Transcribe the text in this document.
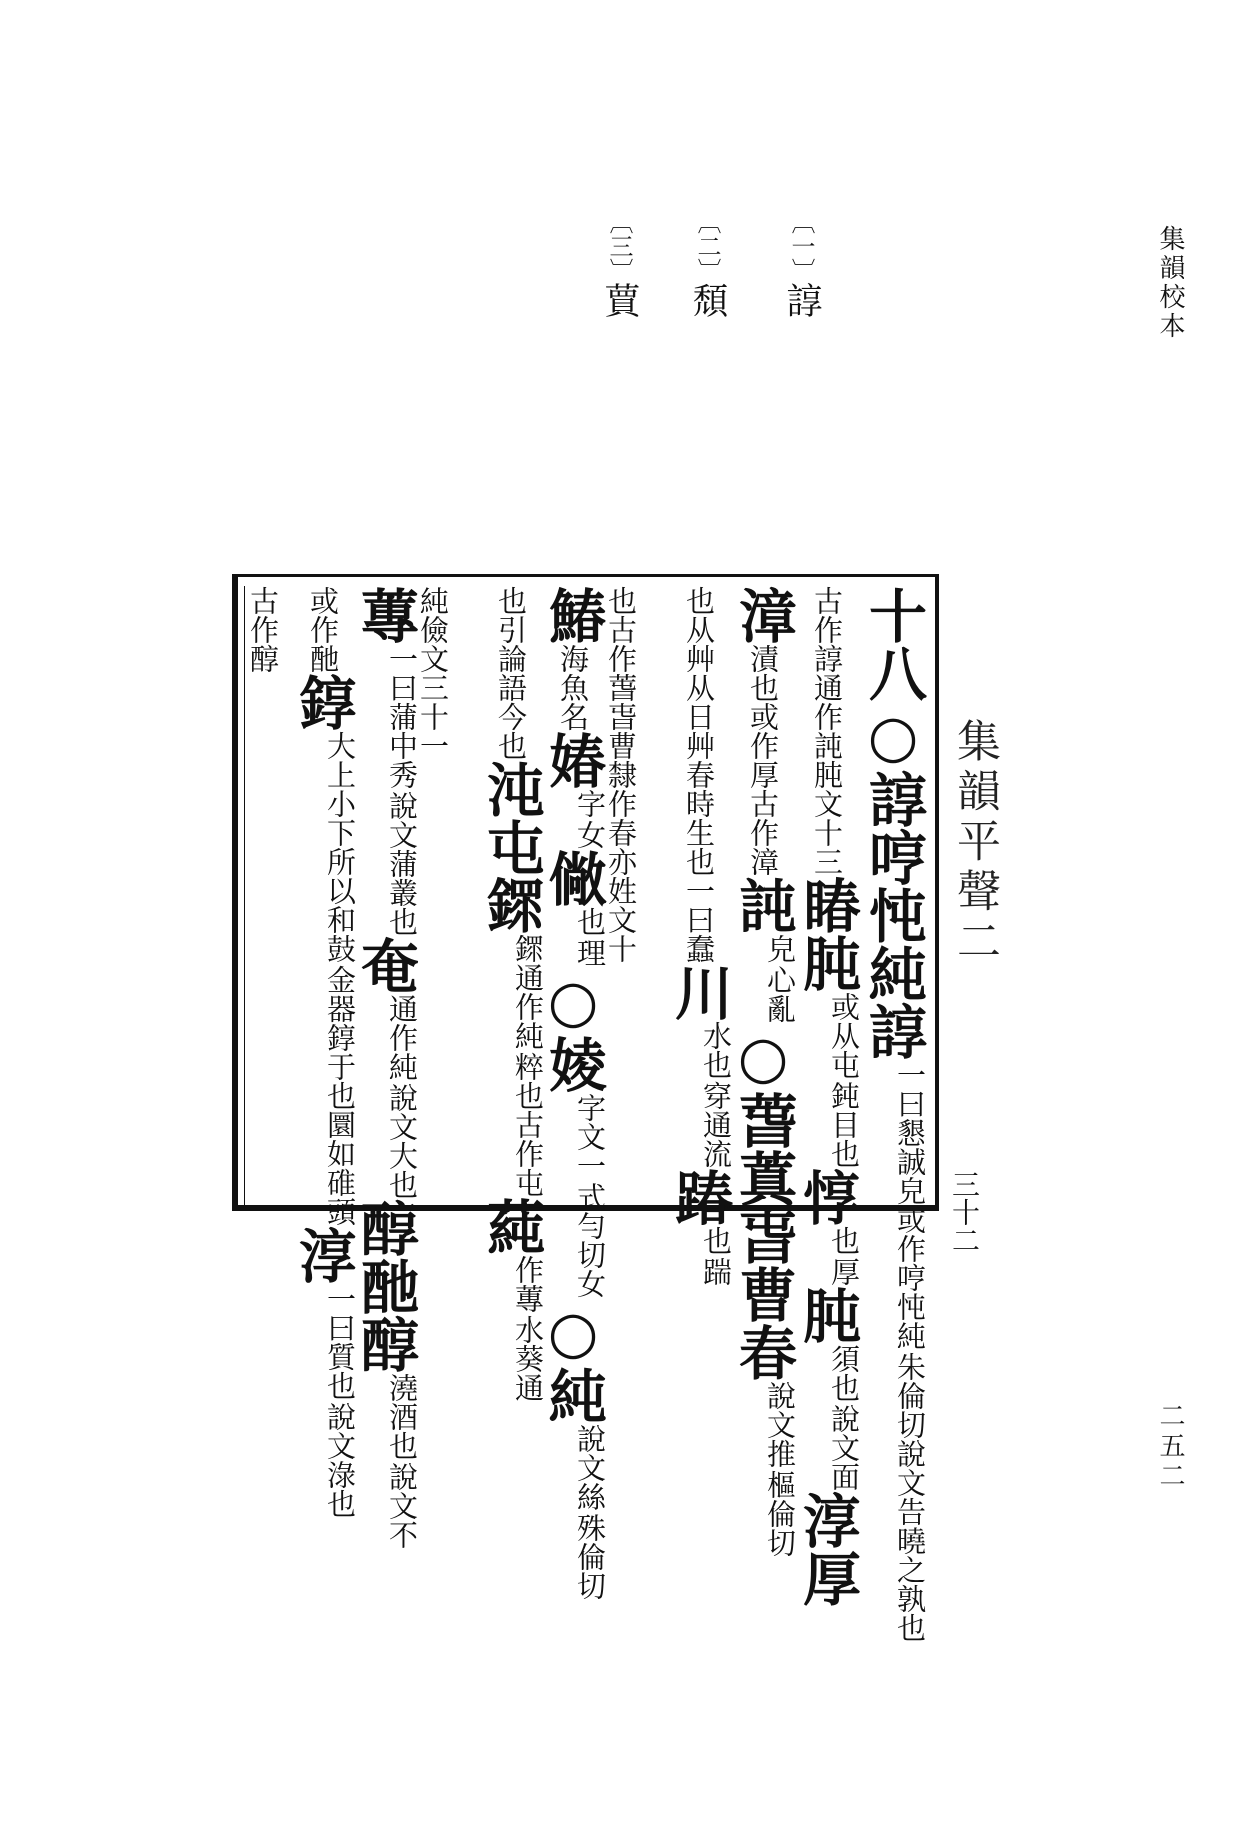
集韻校本
二五二
〔一〕諄
〔二〕頹
〔三〕蕒
集韻平聲二
三十二
十八○諄哼忳純諄
朱倫切說文告曉之孰也
一曰懇誠皃或作哼忳純
古作諄通作訰肫文十三睶肫
鈍目也
或从屯
惇
厚
也
肫
說文面
須也
淳厚
漳漬也或作厚古作漳訰
心亂
皃
○萅蒖旾曹春
樞倫切
說文推
也从艸从日艸春時生也一曰蠢川
穿通流
水也
踳
踹
也
也古作萅旾曹隸作春亦姓文十
鰆海魚名媋
女
字
僘
理
也
○婈
式勻切女
字文一
○純
殊倫切
說文絲
也引論語今也沌屯䤽
粹也古作屯
䤽通作純
蒓
水葵通
作蓴
純儉文三十一
蓴
說文蒲叢也
一曰蒲中秀
奄
說文大也
通作純
醇酏醇
說文不
澆酒也
或作酏錞
金器錞于也圜如碓頭
大上小下所以和鼓
淳
說文淥也
一曰質也
古作醇
